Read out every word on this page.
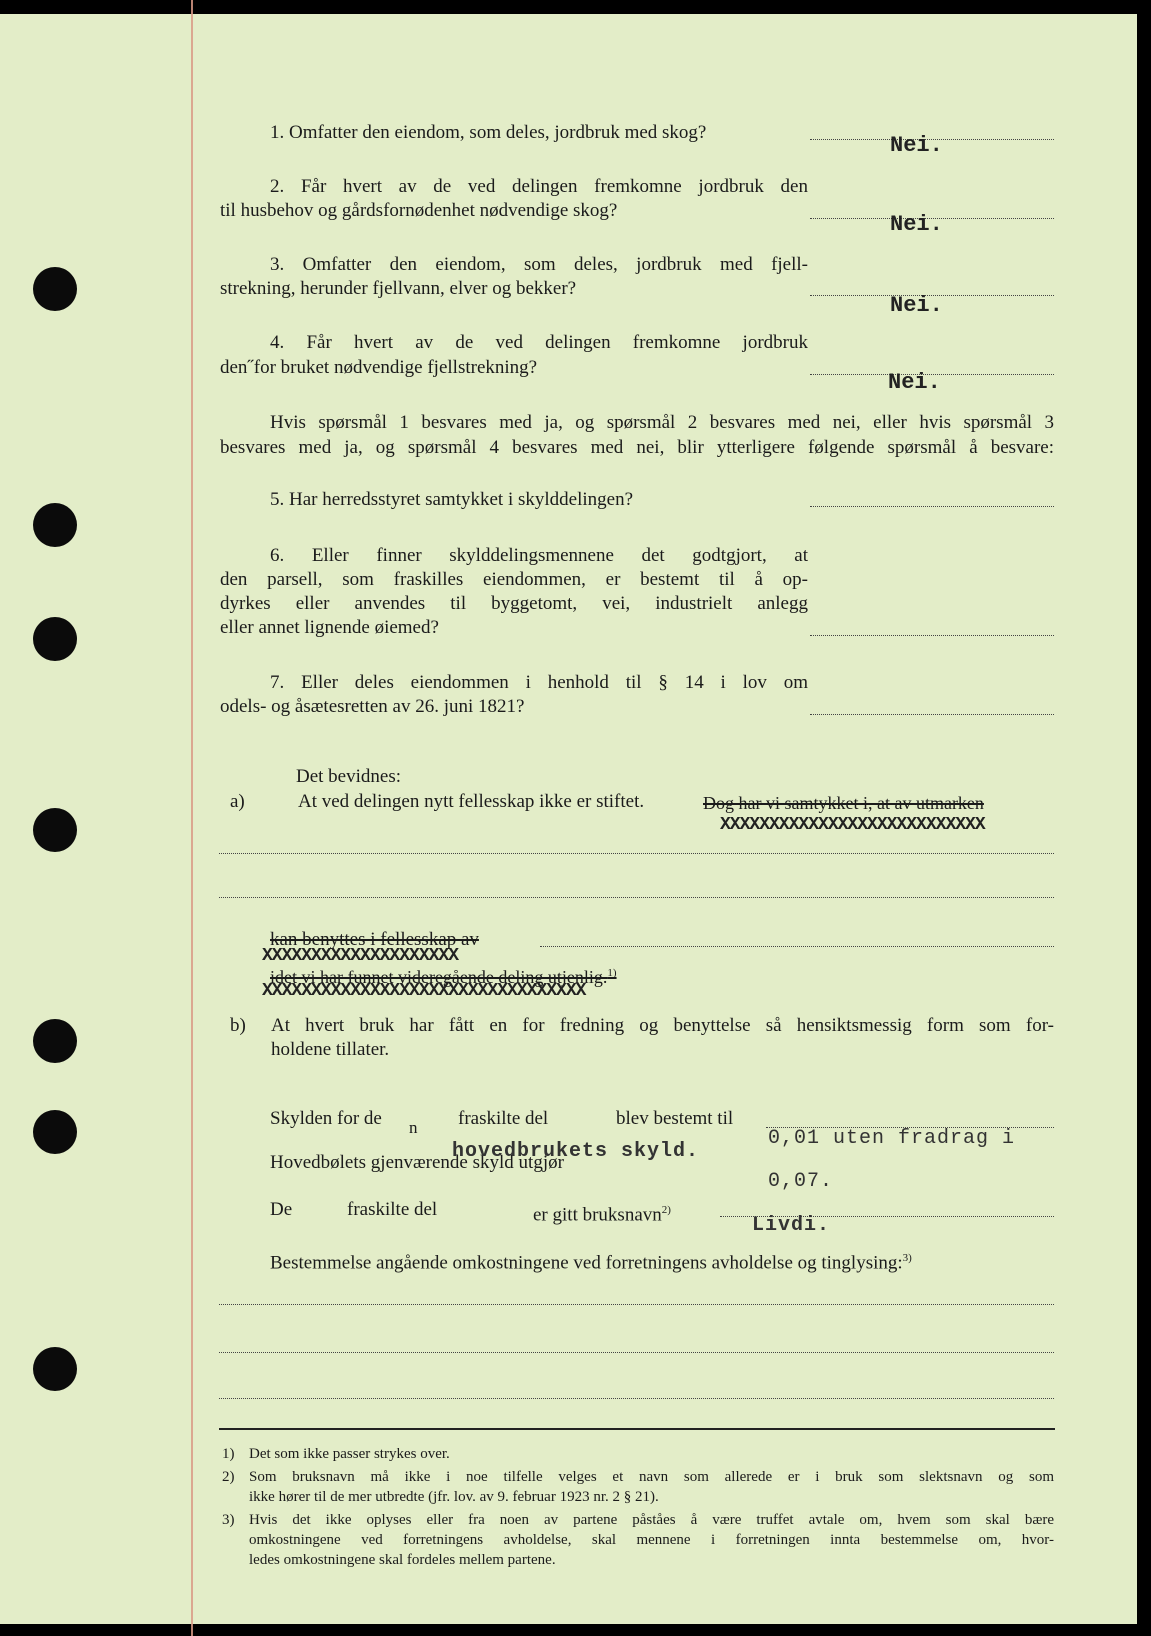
1. Omfatter den eiendom, som deles, jordbruk med skog?
Nei.
2. Får hvert av de ved delingen fremkomne jordbruk den
til husbehov og gårdsfornødenhet nødvendige skog?
Nei.
3. Omfatter den eiendom, som deles, jordbruk med fjell-
strekning, herunder fjellvann, elver og bekker?
Nei.
4. Får hvert av de ved delingen fremkomne jordbruk
den˝for bruket nødvendige fjellstrekning?
Nei.
Hvis spørsmål 1 besvares med ja, og spørsmål 2 besvares med nei, eller hvis spørsmål 3
besvares med ja, og spørsmål 4 besvares med nei, blir ytterligere følgende spørsmål å besvare:
5. Har herredsstyret samtykket i skylddelingen?
6. Eller finner skylddelingsmennene det godtgjort, at
den parsell, som fraskilles eiendommen, er bestemt til å op-
dyrkes eller anvendes til byggetomt, vei, industrielt anlegg
eller annet lignende øiemed?
7. Eller deles eiendommen i henhold til § 14 i lov om
odels- og åsætesretten av 26. juni 1821?
Det bevidnes:
a)	At ved delingen nytt fellesskap ikke er stiftet.	Dog har vi samtykket i, at av utmarken
XXXXXXXXXXXXXXXXXXXXXXXXXXX
kan benyttes i fellesskap av
XXXXXXXXXXXXXXXXXXXX
idet vi har funnet videregående deling utjenlig.$^{1)}$
XXXXXXXXXXXXXXXXXXXXXXXXXXXXXXXXX
b) At hvert bruk har fått en for fredning og benyttelse så hensiktsmessig form som for-
holdene tillater.
Skylden for de n fraskilte del	blev bestemt til
0,01 uten fradrag i
Hovedbølets gjenværende skyld utgjør
hovedbrukets skyld.
0,07.
De	fraskilte del	er gitt bruksnavn$^{2)}$
Livdi.
Bestemmelse angående omkostningene ved forretningens avholdelse og tinglysing:$^{3)}$
1) Det som ikke passer strykes over.
2) Som bruksnavn må ikke i noe tilfelle velges et navn som allerede er i bruk som slektsnavn og som
ikke hører til de mer utbredte (jfr. lov. av 9. februar 1923 nr. 2 § 21).
3) Hvis det ikke oplyses eller fra noen av partene påståes å være truffet avtale om, hvem som skal bære
omkostningene ved forretningens avholdelse, skal mennene i forretningen innta bestemmelse om, hvor-
ledes omkostningene skal fordeles mellem partene.
